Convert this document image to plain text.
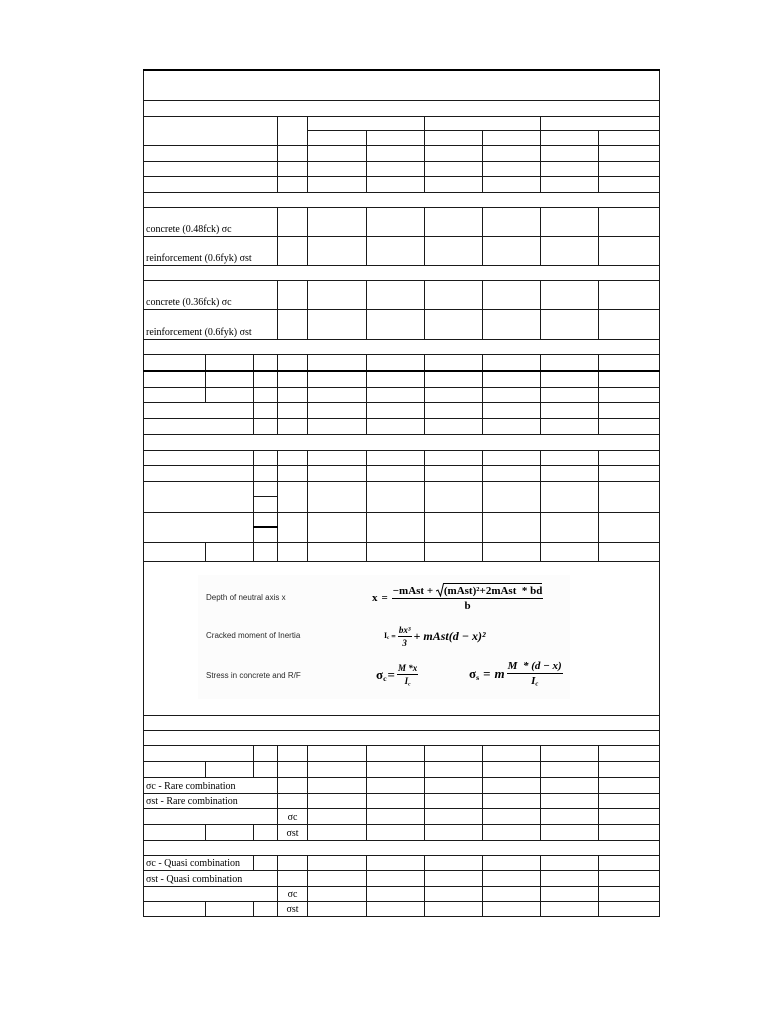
concrete (0.48fck) σc
reinforcement (0.6fyk) σst
concrete (0.36fck) σc
reinforcement (0.6fyk) σst
σc - Rare combination
σst - Rare combination
σc
σst
σc - Quasi combination
σst - Quasi combination
σc
σst
Depth of neutral axis x
Cracked moment of Inertia
Stress in concrete and R/F
x =
−mAst + (mAst)²+2mAst  * bd
b
$I_c = \frac{\text{bx³}}{3}$ + mAst(d − x)²
$\sigma_c = \frac{M *x}{I_c}$	$\sigma_s = m \frac{M * (d - x)}{I_c}$
